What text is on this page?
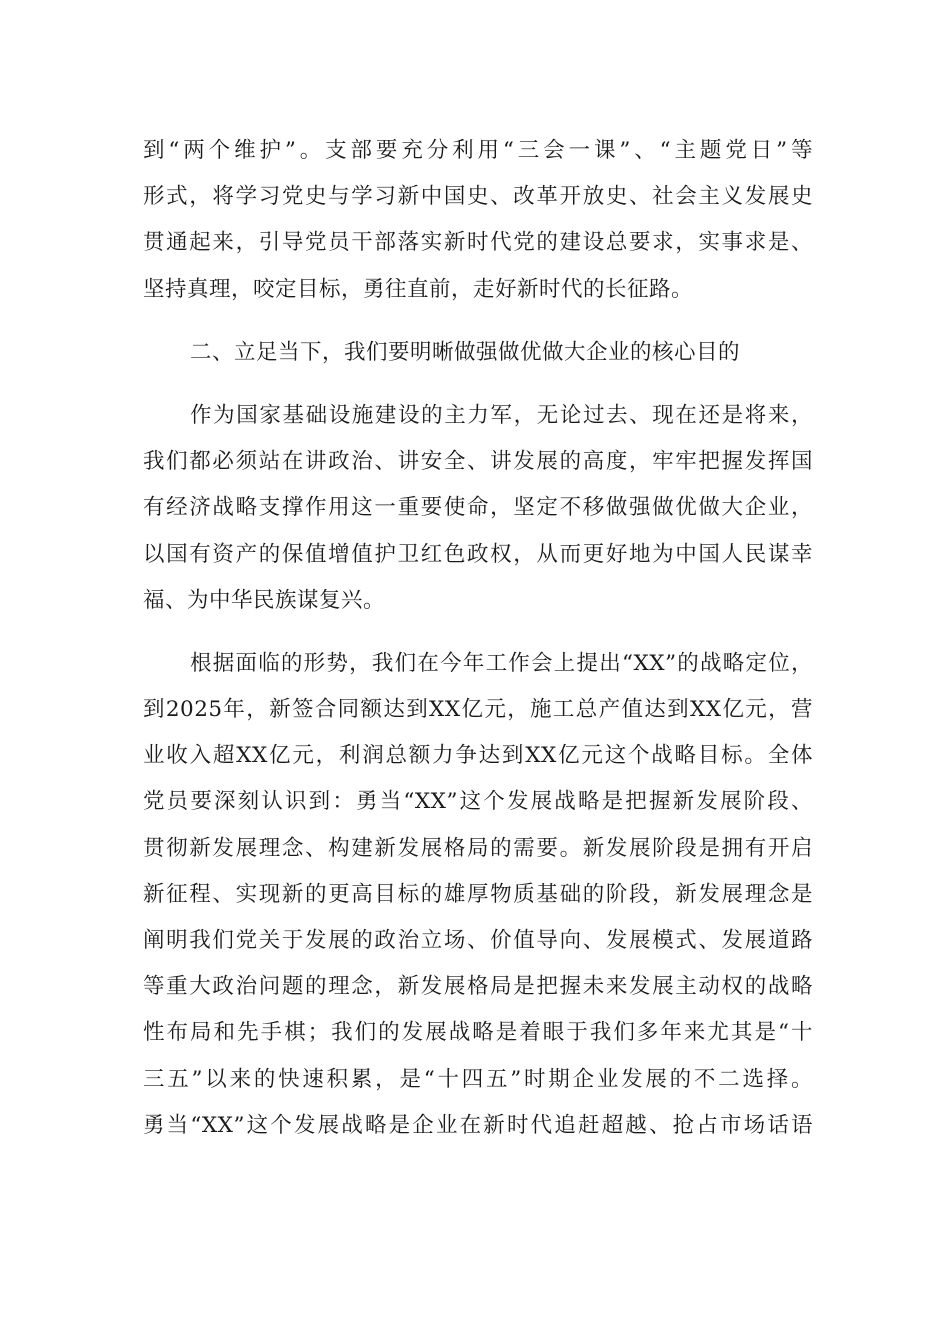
到“两个维护”。支部要充分利用“三会一课”、“主题党日”等
形式，将学习党史与学习新中国史、改革开放史、社会主义发展史
贯通起来，引导党员干部落实新时代党的建设总要求，实事求是、
坚持真理，咬定目标，勇往直前，走好新时代的长征路。
二、立足当下，我们要明晰做强做优做大企业的核心目的
作为国家基础设施建设的主力军，无论过去、现在还是将来，
我们都必须站在讲政治、讲安全、讲发展的高度，牢牢把握发挥国
有经济战略支撑作用这一重要使命，坚定不移做强做优做大企业，
以国有资产的保值增值护卫红色政权，从而更好地为中国人民谋幸
福、为中华民族谋复兴。
根据面临的形势，我们在今年工作会上提出“XX”的战略定位，
到2025年，新签合同额达到XX亿元，施工总产值达到XX亿元，营
业收入超XX亿元，利润总额力争达到XX亿元这个战略目标。全体
党员要深刻认识到：勇当“XX”这个发展战略是把握新发展阶段、
贯彻新发展理念、构建新发展格局的需要。新发展阶段是拥有开启
新征程、实现新的更高目标的雄厚物质基础的阶段，新发展理念是
阐明我们党关于发展的政治立场、价值导向、发展模式、发展道路
等重大政治问题的理念，新发展格局是把握未来发展主动权的战略
性布局和先手棋；我们的发展战略是着眼于我们多年来尤其是“十
三五”以来的快速积累，是“十四五”时期企业发展的不二选择。
勇当“XX”这个发展战略是企业在新时代追赶超越、抢占市场话语
